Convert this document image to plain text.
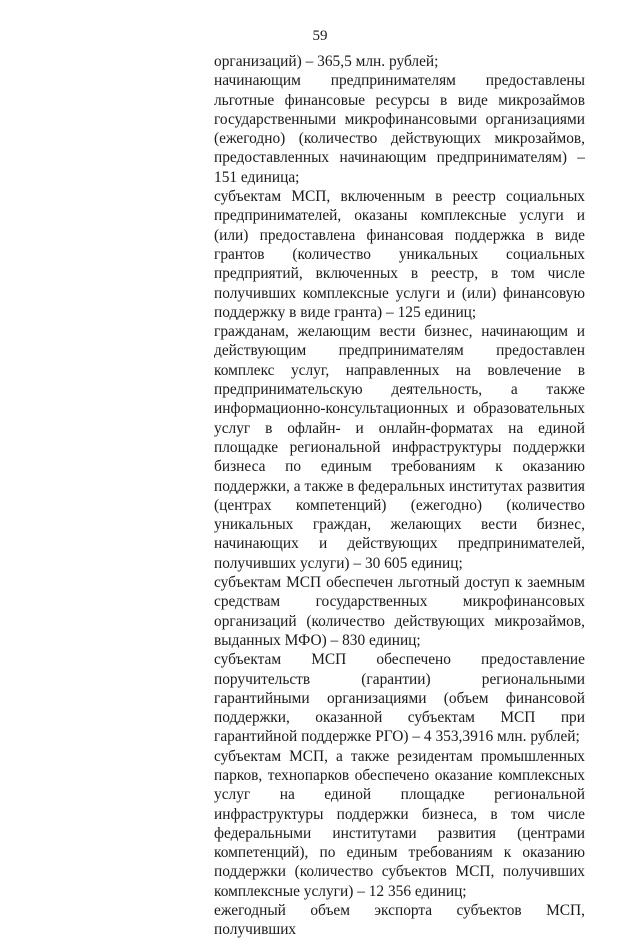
59

организаций) – 365,5 млн. рублей;

начинающим предпринимателям предоставлены льготные финансовые ресурсы в виде микрозаймов государственными микрофинансовыми организациями (ежегодно) (количество действующих микрозаймов, предоставленных начинающим предпринимателям) – 151 единица;

субъектам МСП, включенным в реестр социальных предпринимателей, оказаны комплексные услуги и (или) предоставлена финансовая поддержка в виде грантов (количество уникальных социальных предприятий, включенных в реестр, в том числе получивших комплексные услуги и (или) финансовую поддержку в виде гранта) – 125 единиц;

гражданам, желающим вести бизнес, начинающим и действующим предпринимателям предоставлен комплекс услуг, направленных на вовлечение в предпринимательскую деятельность, а также информационно-консультационных и образовательных услуг в офлайн- и онлайн-форматах на единой площадке региональной инфраструктуры поддержки бизнеса по единым требованиям к оказанию поддержки, а также в федеральных институтах развития (центрах компетенций) (ежегодно) (количество уникальных граждан, желающих вести бизнес, начинающих и действующих предпринимателей, получивших услуги) – 30 605 единиц;

субъектам МСП обеспечен льготный доступ к заемным средствам государственных микрофинансовых организаций (количество действующих микрозаймов, выданных МФО) – 830 единиц;

субъектам МСП обеспечено предоставление поручительств (гарантии) региональными гарантийными организациями (объем финансовой поддержки, оказанной субъектам МСП при гарантийной поддержке РГО) – 4 353,3916 млн. рублей;

субъектам МСП, а также резидентам промышленных парков, технопарков обеспечено оказание комплексных услуг на единой площадке региональной инфраструктуры поддержки бизнеса, в том числе федеральными институтами развития (центрами компетенций), по единым требованиям к оказанию поддержки (количество субъектов МСП, получивших комплексные услуги) – 12 356 единиц;

ежегодный объем экспорта субъектов МСП, получивших
